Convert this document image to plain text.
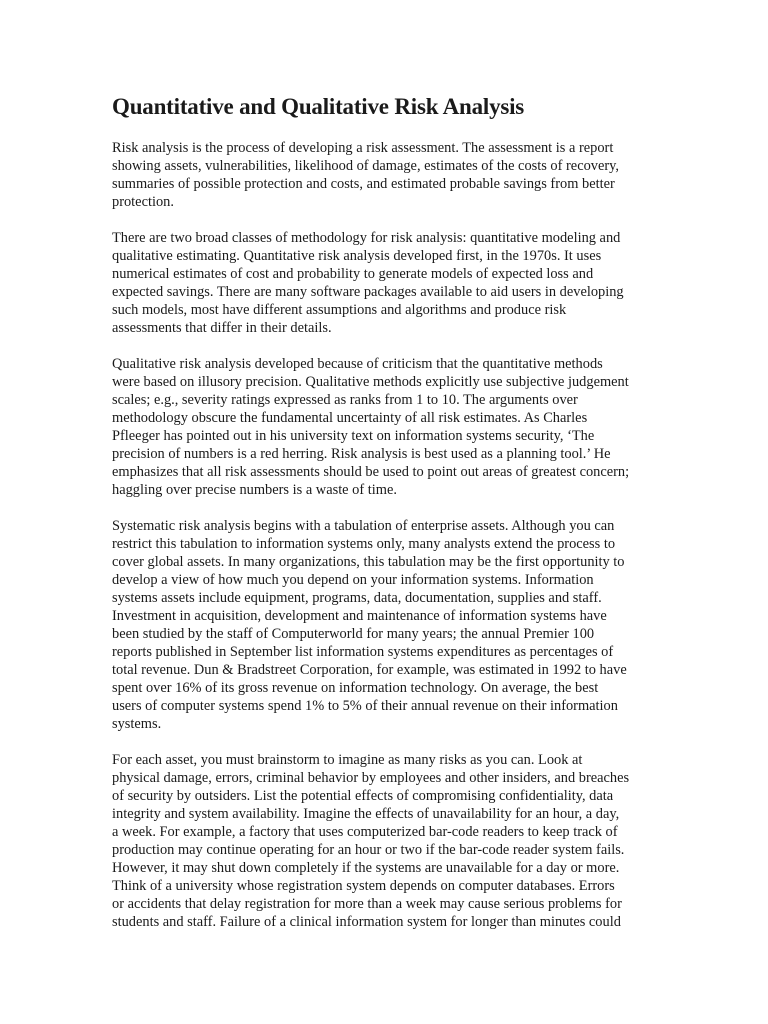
Quantitative and Qualitative Risk Analysis

Risk analysis is the process of developing a risk assessment. The assessment is a report
showing assets, vulnerabilities, likelihood of damage, estimates of the costs of recovery,
summaries of possible protection and costs, and estimated probable savings from better
protection.

There are two broad classes of methodology for risk analysis: quantitative modeling and
qualitative estimating. Quantitative risk analysis developed first, in the 1970s. It uses
numerical estimates of cost and probability to generate models of expected loss and
expected savings. There are many software packages available to aid users in developing
such models, most have different assumptions and algorithms and produce risk
assessments that differ in their details.

Qualitative risk analysis developed because of criticism that the quantitative methods
were based on illusory precision. Qualitative methods explicitly use subjective judgement
scales; e.g., severity ratings expressed as ranks from 1 to 10. The arguments over
methodology obscure the fundamental uncertainty of all risk estimates. As Charles
Pfleeger has pointed out in his university text on information systems security, ‘The
precision of numbers is a red herring. Risk analysis is best used as a planning tool.’ He
emphasizes that all risk assessments should be used to point out areas of greatest concern;
haggling over precise numbers is a waste of time.

Systematic risk analysis begins with a tabulation of enterprise assets. Although you can
restrict this tabulation to information systems only, many analysts extend the process to
cover global assets. In many organizations, this tabulation may be the first opportunity to
develop a view of how much you depend on your information systems. Information
systems assets include equipment, programs, data, documentation, supplies and staff.
Investment in acquisition, development and maintenance of information systems have
been studied by the staff of Computerworld for many years; the annual Premier 100
reports published in September list information systems expenditures as percentages of
total revenue. Dun & Bradstreet Corporation, for example, was estimated in 1992 to have
spent over 16% of its gross revenue on information technology. On average, the best
users of computer systems spend 1% to 5% of their annual revenue on their information
systems.

For each asset, you must brainstorm to imagine as many risks as you can. Look at
physical damage, errors, criminal behavior by employees and other insiders, and breaches
of security by outsiders. List the potential effects of compromising confidentiality, data
integrity and system availability. Imagine the effects of unavailability for an hour, a day,
a week. For example, a factory that uses computerized bar-code readers to keep track of
production may continue operating for an hour or two if the bar-code reader system fails.
However, it may shut down completely if the systems are unavailable for a day or more.
Think of a university whose registration system depends on computer databases. Errors
or accidents that delay registration for more than a week may cause serious problems for
students and staff. Failure of a clinical information system for longer than minutes could
